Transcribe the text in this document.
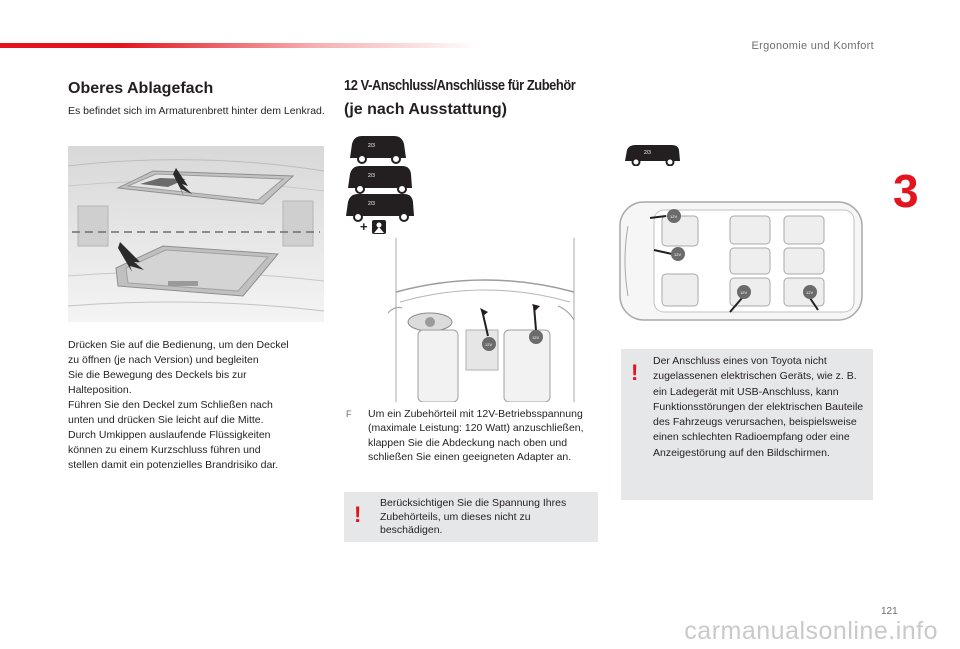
Ergonomie und Komfort
3
Oberes Ablagefach
Es befindet sich im Armaturenbrett hinter dem Lenkrad.
Drücken Sie auf die Bedienung, um den Deckel
zu öffnen (je nach Version) und begleiten
Sie die Bewegung des Deckels bis zur
Halteposition.
Führen Sie den Deckel zum Schließen nach
unten und drücken Sie leicht auf die Mitte.
Durch Umkippen auslaufende Flüssigkeiten
können zu einem Kurzschluss führen und
stellen damit ein potenzielles Brandrisiko dar.
12 V-Anschluss/Anschlüsse für Zubehör
(je nach Ausstattung)
2/3
2/3
2/3
+
12V
12V
F Um ein Zubehörteil mit 12V-Betriebsspannung (maximale Leistung: 120 Watt) anzuschließen, klappen Sie die Abdeckung nach oben und schließen Sie einen geeigneten Adapter an.
! Berücksichtigen Sie die Spannung Ihres Zubehörteils, um dieses nicht zu beschädigen.
2/3
12V
12V
12V	12V
! Der Anschluss eines von Toyota nicht zugelassenen elektrischen Geräts, wie z. B. ein Ladegerät mit USB-Anschluss, kann Funktionsstörungen der elektrischen Bauteile des Fahrzeugs verursachen, beispielsweise einen schlechten Radioempfang oder eine Anzeigestörung auf den Bildschirmen.
121
carmanualsonline.info
